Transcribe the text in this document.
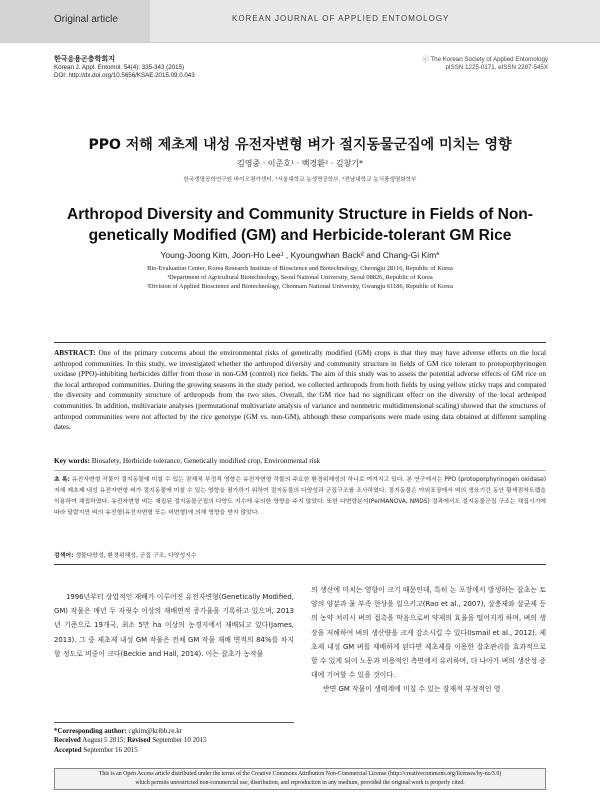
Original article	KOREAN JOURNAL OF APPLIED ENTOMOLOGY
한국응용곤충학회지
Korean J. Appl. Entomol. 54(4): 335-343 (2015)
DOI: http://dx.doi.org/10.5656/KSAE.2015.09.0.043
ⓒ The Korean Society of Applied Entomology
pISSN 1225-0171, eISSN 2287-545X
PPO 저해 제초제 내성 유전자변형 벼가 절지동물군집에 미치는 영향
김영중 · 이준호¹ · 백경환² · 김창기*
한국생명공학연구원 바이오평가센터, ¹서울대학교 농생명공학부, ²전남대학교 농식품생명화학부
Arthropod Diversity and Community Structure in Fields of Non-genetically Modified (GM) and Herbicide-tolerant GM Rice
Young-Joong Kim, Joon-Ho Lee¹ , Kyoungwhan Back² and Chang-Gi Kim*
Bio-Evaluation Center, Korea Research Institute of Bioscience and Biotechnology, Cheongju 28116, Republic of Korea
¹Department of Agricultural Biotechnology, Seoul National University, Seoul 08826, Republic of Korea
²Division of Applied Bioscience and Biotechnology, Chonnam National University, Gwangju 61186, Republic of Korea
ABSTRACT: One of the primary concerns about the environmental risks of genetically modified (GM) crops is that they may have adverse effects on the local arthropod communities. In this study, we investigated whether the arthropod diversity and community structure in fields of GM rice tolerant to protoporphyrinogen oxidase (PPO)-inhibiting herbicides differ from those in non-GM (control) rice fields. The aim of this study was to assess the potential adverse effects of GM rice on the local arthropod communities. During the growing seasons in the study period, we collected arthropods from both fields by using yellow sticky traps and compared the diversity and community structure of arthropods from the two sites. Overall, the GM rice had no significant effect on the diversity of the local arthropod communities. In addition, multivariate analyses (permutational multivariate analysis of variance and nonmetric multidimensional scaling) showed that the structures of arthropod communities were not affected by the rice genotype (GM vs. non-GM), although these comparisons were made using data obtained at different sampling dates.
Key words: Biosafety, Herbicide tolerance, Genetically modified crop, Environmental risk
초 록: 유전자변형 작물이 절지동물에 미칠 수 있는 잠재적 부정적 영향은 유전자변형 작물의 주요한 환경위해성의 하나로 여겨지고 있다. 본 연구에서는 PPO (protoporphyrinogen oxidase) 저해 제초제 내성 유전자변형 벼가 절지동물에 미칠 수 있는 영향을 평가하기 위하여 절지동물의 다양성과 군집구조를 조사하였다. 절지동물은 야외포장에서 벼의 생육기간 동안 황색점착트랩을 이용하여 채집하였다. 유전자변형 벼는 채집된 절지동물군집의 다양도 지수에 유의한 영향을 주지 않았다. 또한 다변량분석(PerMANOVA, NMDS) 결과에서도 절지동물군집 구조는 채집시기에 따라 달랐지만 벼의 유전형(유전자변형 또는 비변형)에 의해 영향을 받지 않았다.
검색어: 생물다양성, 환경위해성, 군집 구조, 다양성지수
1996년부터 상업적인 재배가 이루어진 유전자변형(Genetically Modified, GM) 작물은 매년 두 자릿수 이상의 재배면적 증가율을 기록하고 있으며, 2013년 기준으로 19개국, 최소 5만 ha 이상의 농경지에서 재배되고 있다(James, 2013). 그 중 제초제 내성 GM 작물은 전체 GM 작물 재배 면적의 84%를 차지할 정도로 비중이 크다(Beckie and Hall, 2014). 이는 잡초가 농작물
의 생산에 미치는 영향이 크기 때문인데, 특히 논 포장에서 발생하는 잡초는 토양의 양분과 물 부족 현상을 일으키고(Rao et al., 2007), 살충제와 살균제 등의 농약 처리시 벼의 접촉을 막음으로써 약제의 효율을 떨어지게 하며, 벼의 생장을 저해하여 벼의 생산량을 크게 감소시킬 수 있다(Ismail et al., 2012). 제초제 내성 GM 벼를 재배하게 된다면 제초제를 이용한 잡초관리를 효과적으로 할 수 있게 되어 노동과 비용적인 측면에서 유리하며, 더 나아가 벼의 생산성 증대에 기여할 수 있을 것이다.
반면 GM 작물이 생태계에 미칠 수 있는 잠재적 부정적인 영
*Corresponding author: cgkim@kribb.re.kr
Received August 5 2015; Revised September 10 2015
Accepted September 16 2015
This is an Open Access article distributed under the terms of the Creative Commons Attribution Non-Commercial License (http://creativecommons.org/licenses/by-nc/3.0)
which permits unrestricted non-commercial use, distribution, and reproduction in any medium, provided the original work is properly cited.
